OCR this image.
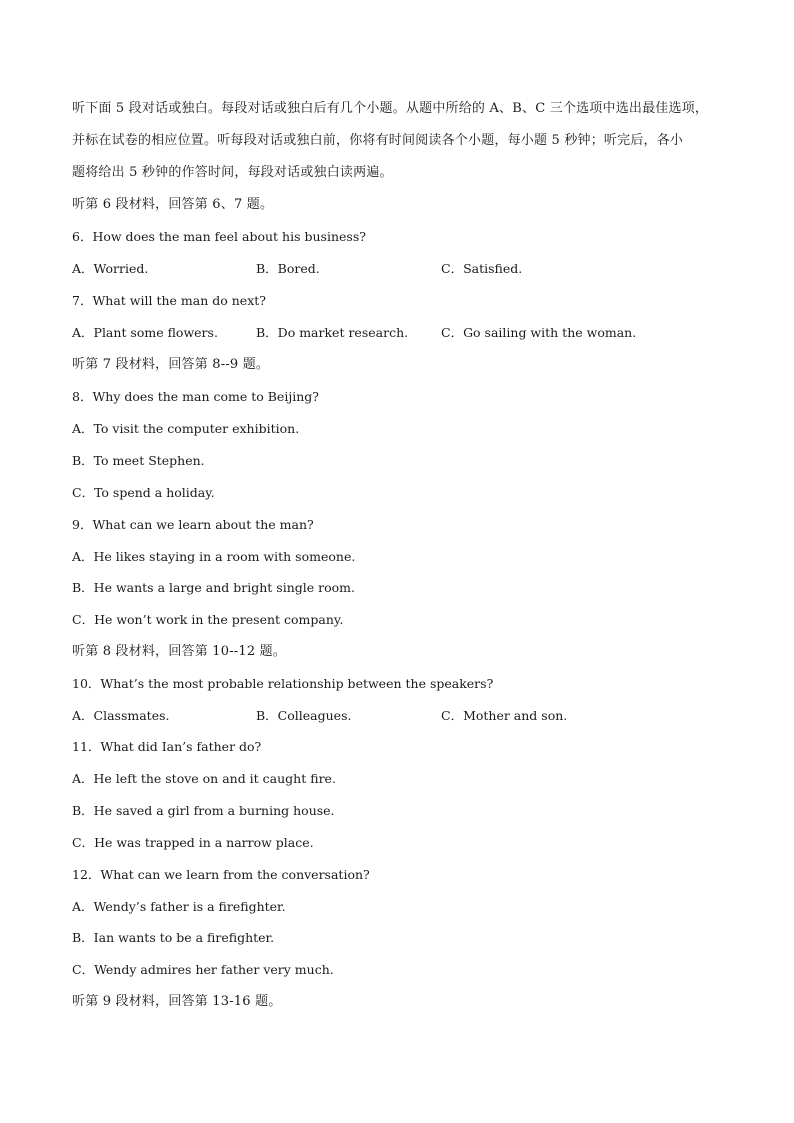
听下面 5 段对话或独白。每段对话或独白后有几个小题。从题中所给的 A、B、C 三个选项中选出最佳选项，
并标在试卷的相应位置。听每段对话或独白前，你将有时间阅读各个小题，每小题 5 秒钟；听完后，各小
题将给出 5 秒钟的作答时间，每段对话或独白读两遍。
听第 6 段材料，回答第 6、7 题。
6．How does the man feel about his business?
A．Worried.	B．Bored.	C．Satisfied.
7．What will the man do next?
A．Plant some flowers.	B．Do market research.	C．Go sailing with the woman.
听第 7 段材料，回答第 8--9 题。
8．Why does the man come to Beijing?
A．To visit the computer exhibition.
B．To meet Stephen.
C．To spend a holiday.
9．What can we learn about the man?
A．He likes staying in a room with someone.
B．He wants a large and bright single room.
C．He won’t work in the present company.
听第 8 段材料，回答第 10--12 题。
10．What’s the most probable relationship between the speakers?
A．Classmates.	B．Colleagues.	C．Mother and son.
11．What did Ian’s father do?
A．He left the stove on and it caught fire.
B．He saved a girl from a burning house.
C．He was trapped in a narrow place.
12．What can we learn from the conversation?
A．Wendy’s father is a firefighter.
B．Ian wants to be a firefighter.
C．Wendy admires her father very much.
听第 9 段材料，回答第 13-16 题。
